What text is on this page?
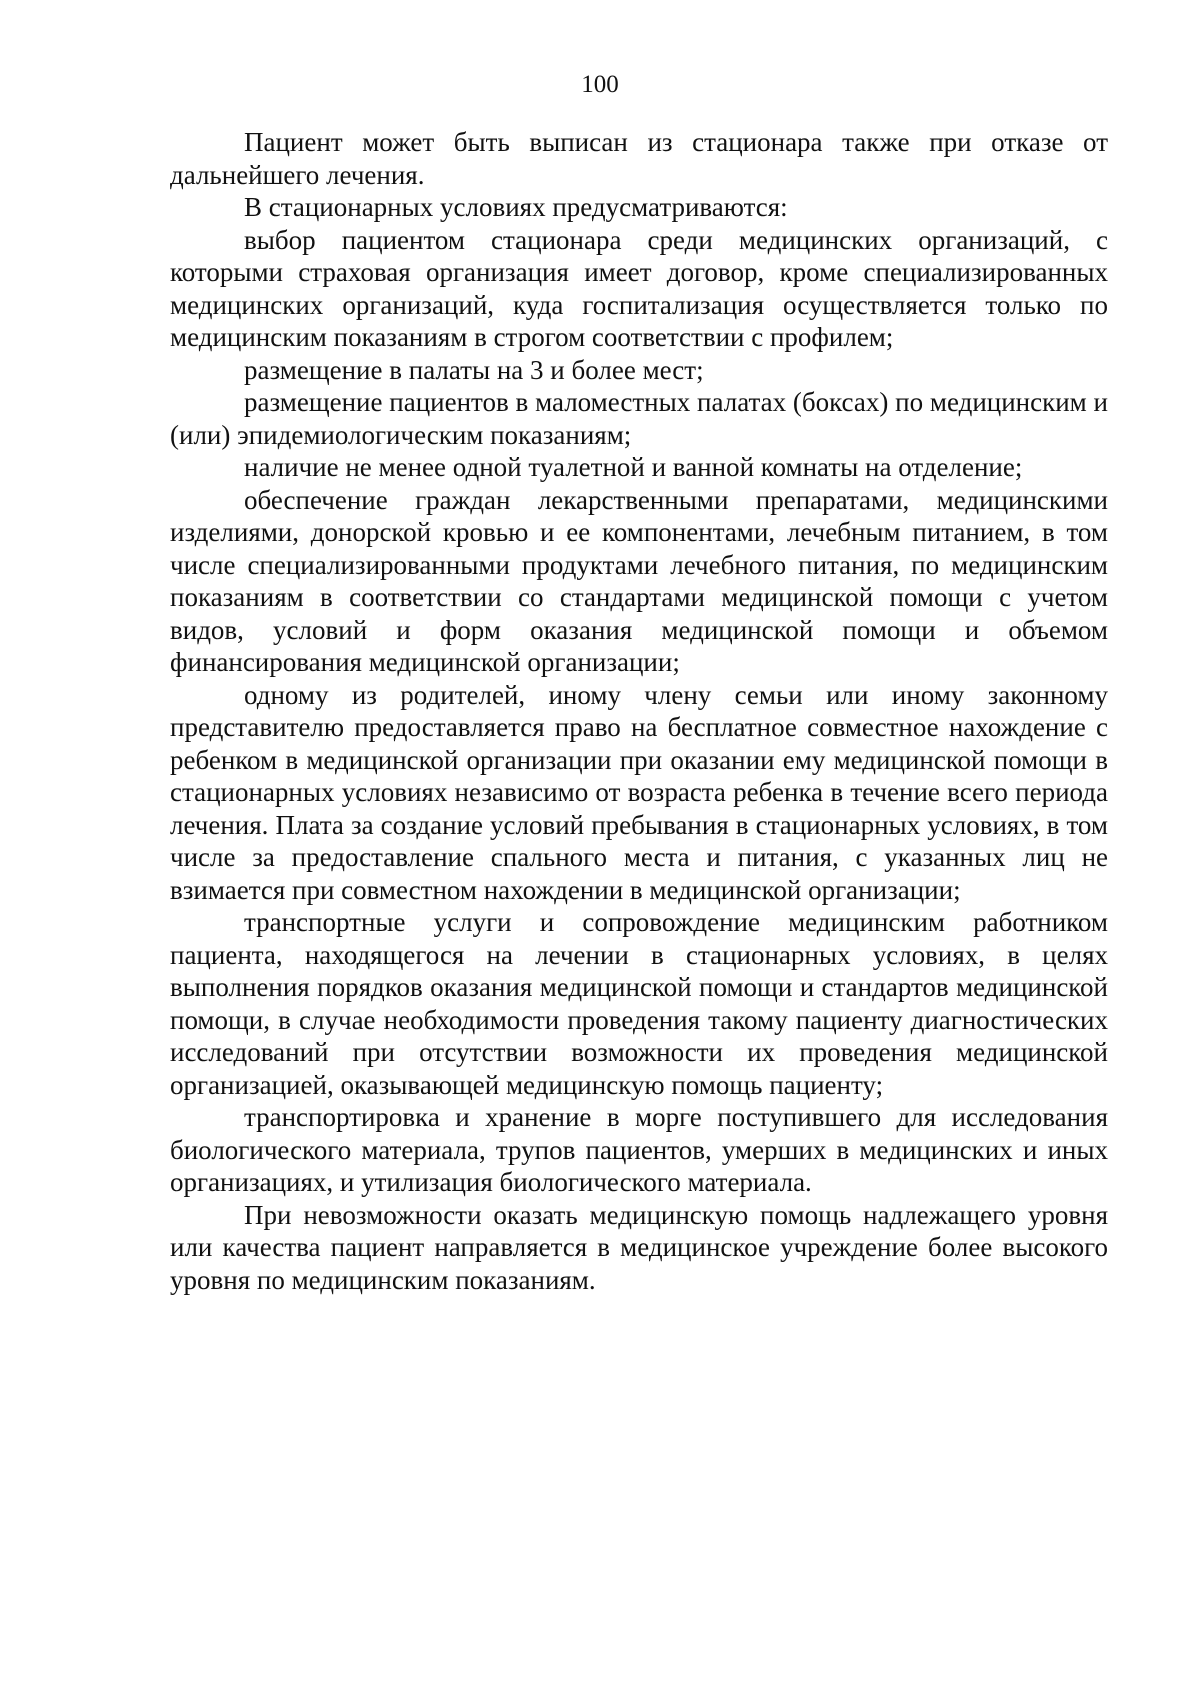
100

Пациент может быть выписан из стационара также при отказе от дальнейшего лечения.

В стационарных условиях предусматриваются:

выбор пациентом стационара среди медицинских организаций, с которыми страховая организация имеет договор, кроме специализированных медицинских организаций, куда госпитализация осуществляется только по медицинским показаниям в строгом соответствии с профилем;

размещение в палаты на 3 и более мест;

размещение пациентов в маломестных палатах (боксах) по медицинским и (или) эпидемиологическим показаниям;

наличие не менее одной туалетной и ванной комнаты на отделение;

обеспечение граждан лекарственными препаратами, медицинскими изделиями, донорской кровью и ее компонентами, лечебным питанием, в том числе специализированными продуктами лечебного питания, по медицинским показаниям в соответствии со стандартами медицинской помощи с учетом видов, условий и форм оказания медицинской помощи и объемом финансирования медицинской организации;

одному из родителей, иному члену семьи или иному законному представителю предоставляется право на бесплатное совместное нахождение с ребенком в медицинской организации при оказании ему медицинской помощи в стационарных условиях независимо от возраста ребенка в течение всего периода лечения. Плата за создание условий пребывания в стационарных условиях, в том числе за предоставление спального места и питания, с указанных лиц не взимается при совместном нахождении в медицинской организации;

транспортные услуги и сопровождение медицинским работником пациента, находящегося на лечении в стационарных условиях, в целях выполнения порядков оказания медицинской помощи и стандартов медицинской помощи, в случае необходимости проведения такому пациенту диагностических исследований при отсутствии возможности их проведения медицинской организацией, оказывающей медицинскую помощь пациенту;

транспортировка и хранение в морге поступившего для исследования биологического материала, трупов пациентов, умерших в медицинских и иных организациях, и утилизация биологического материала.

При невозможности оказать медицинскую помощь надлежащего уровня или качества пациент направляется в медицинское учреждение более высокого уровня по медицинским показаниям.
